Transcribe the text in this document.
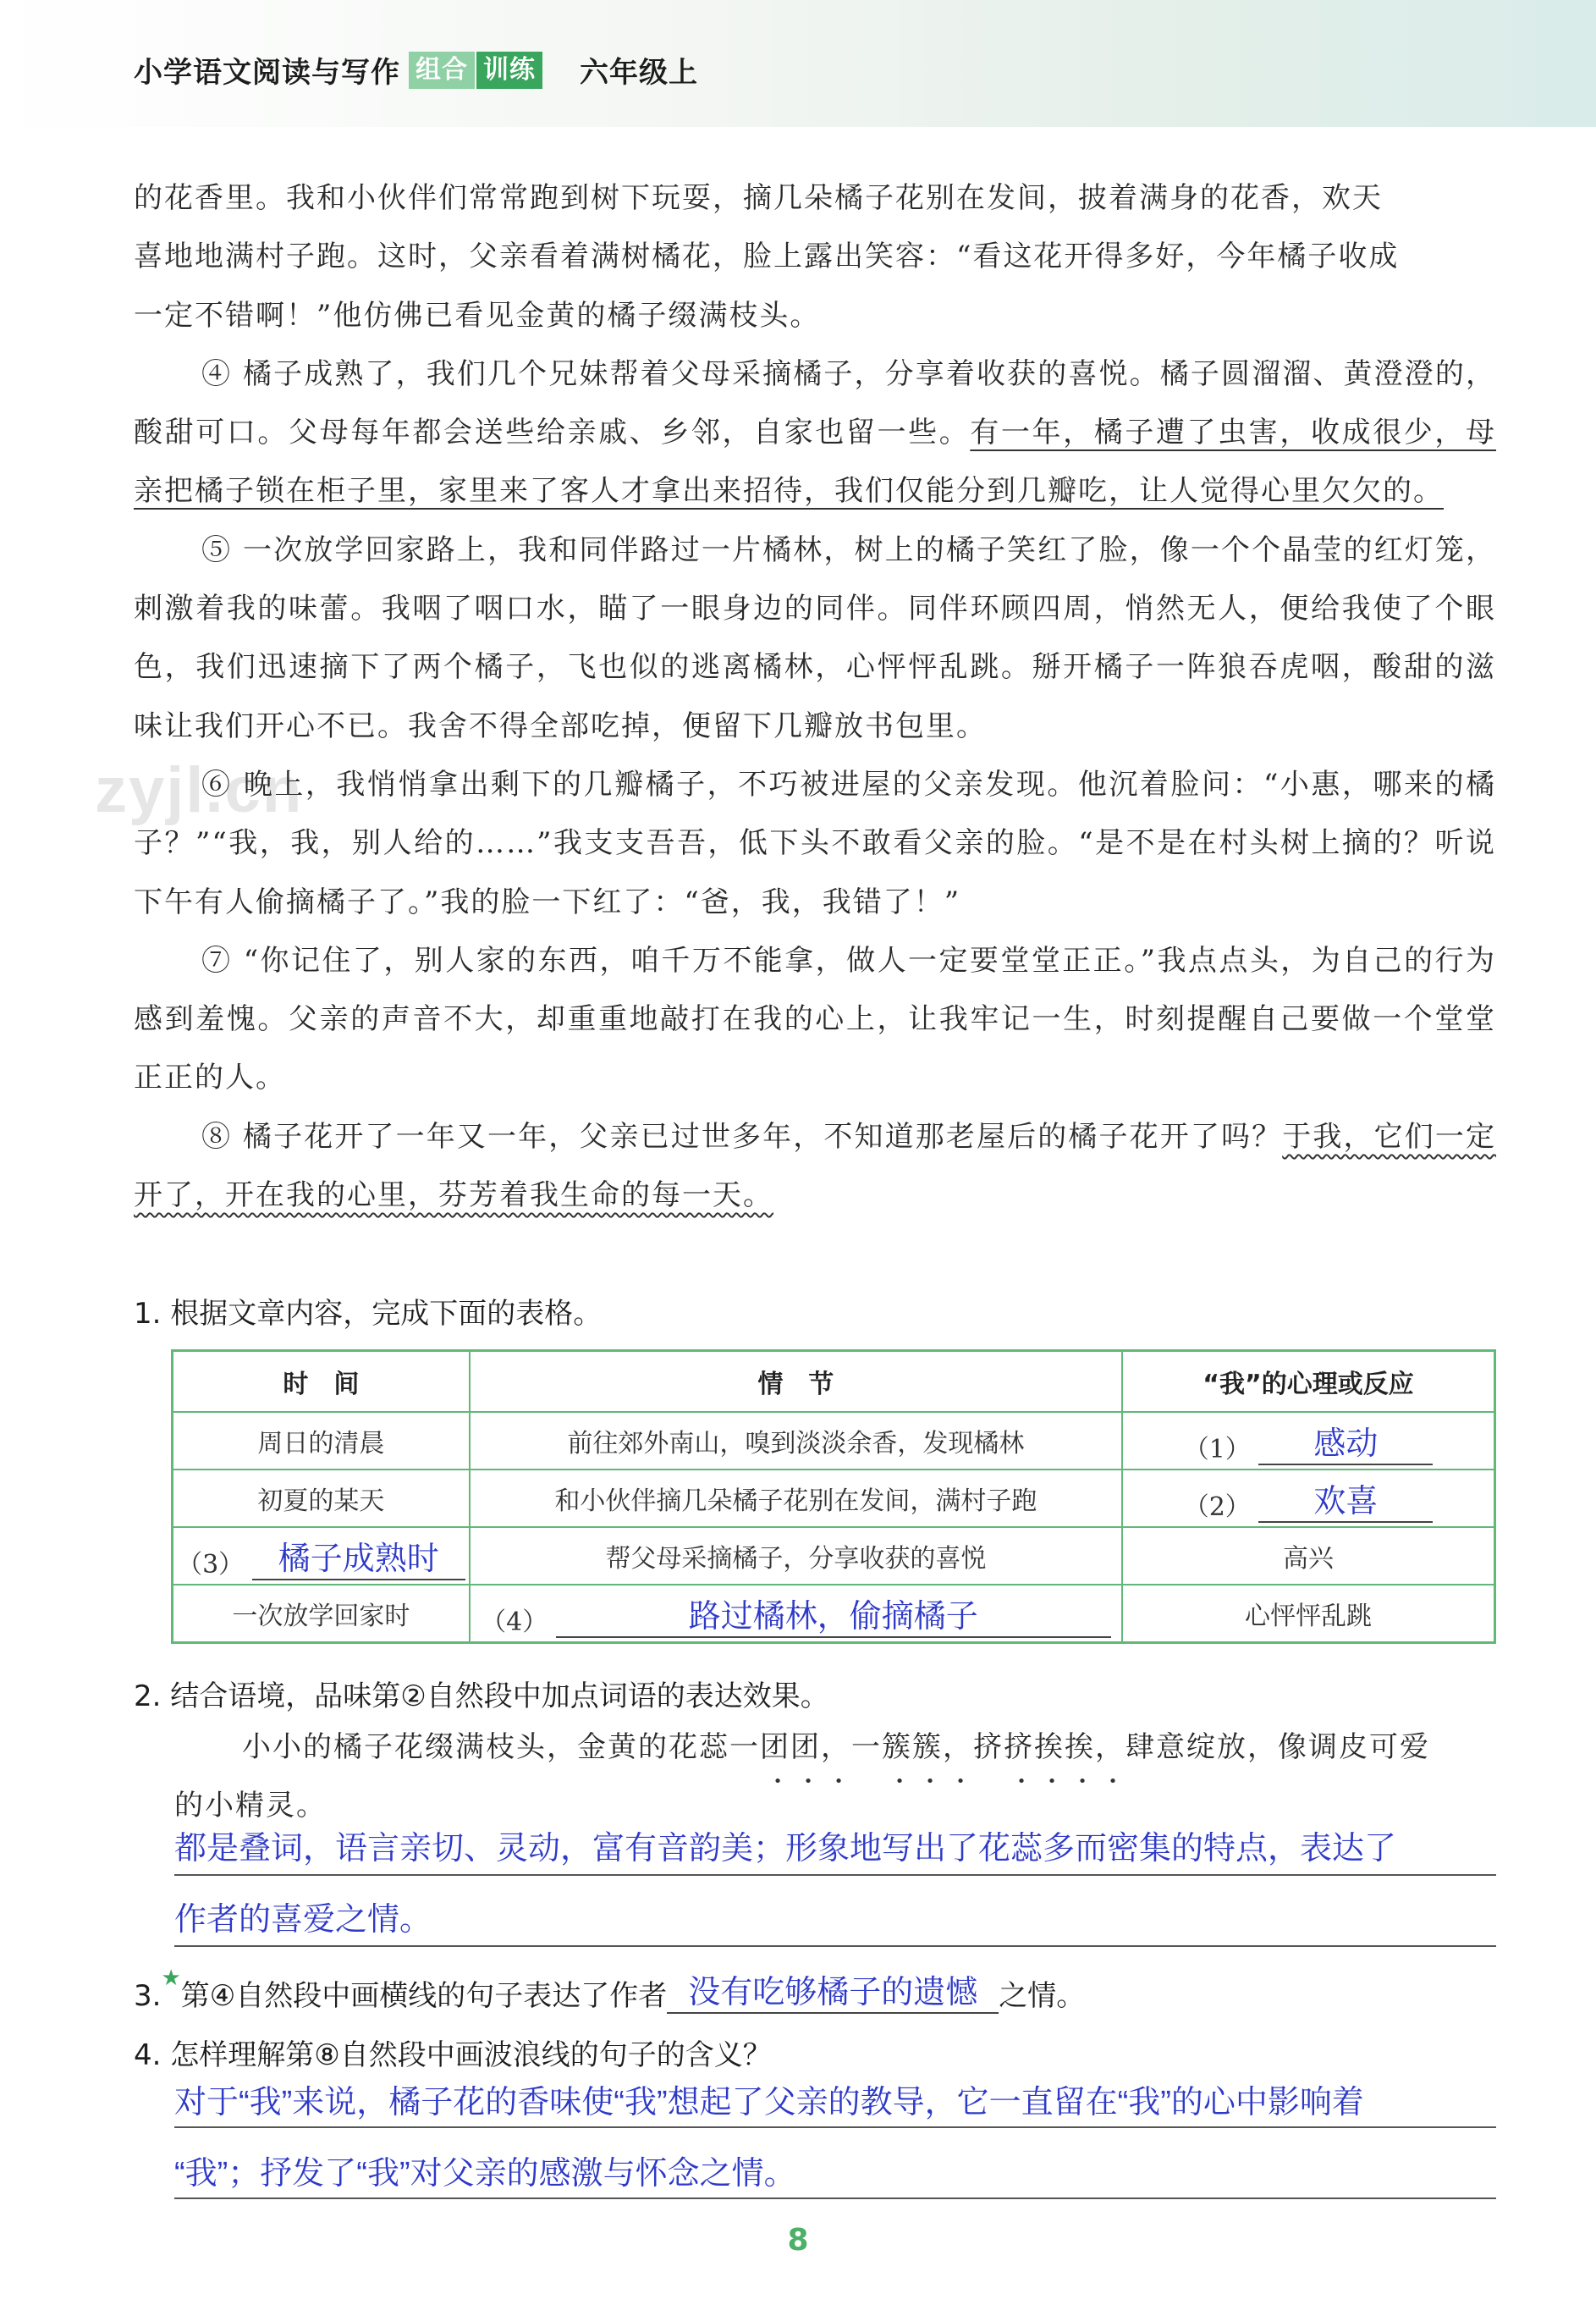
小学语文阅读与写作 组合 训练 六年级上
zyjl.cn

的花香里。我和小伙伴们常常跑到树下玩耍，摘几朵橘子花别在发间，披着满身的花香，欢天

喜地地满村子跑。这时，父亲看着满树橘花，脸上露出笑容：“看这花开得多好，今年橘子收成

一定不错啊！”他仿佛已看见金黄的橘子缀满枝头。

④ 橘子成熟了，我们几个兄妹帮着父母采摘橘子，分享着收获的喜悦。橘子圆溜溜、黄澄澄的，酸甜可口。父母每年都会送些给亲戚、乡邻，自家也留一些。有一年，橘子遭了虫害，收成很少，母亲把橘子锁在柜子里，家里来了客人才拿出来招待，我们仅能分到几瓣吃，让人觉得心里欠欠的。

⑤ 一次放学回家路上，我和同伴路过一片橘林，树上的橘子笑红了脸，像一个个晶莹的红灯笼，刺激着我的味蕾。我咽了咽口水，瞄了一眼身边的同伴。同伴环顾四周，悄然无人，便给我使了个眼色，我们迅速摘下了两个橘子，飞也似的逃离橘林，心怦怦乱跳。掰开橘子一阵狼吞虎咽，酸甜的滋味让我们开心不已。我舍不得全部吃掉，便留下几瓣放书包里。

⑥ 晚上，我悄悄拿出剩下的几瓣橘子，不巧被进屋的父亲发现。他沉着脸问：“小惠，哪来的橘子？”“我，我，别人给的……”我支支吾吾，低下头不敢看父亲的脸。“是不是在村头树上摘的？听说下午有人偷摘橘子了。”我的脸一下红了：“爸，我，我错了！”

⑦ “你记住了，别人家的东西，咱千万不能拿，做人一定要堂堂正正。”我点点头，为自己的行为感到羞愧。父亲的声音不大，却重重地敲打在我的心上，让我牢记一生，时刻提醒自己要做一个堂堂正正的人。

⑧ 橘子花开了一年又一年，父亲已过世多年，不知道那老屋后的橘子花开了吗？于我，它们一定开了，开在我的心里，芬芳着我生命的每一天。

1. 根据文章内容，完成下面的表格。
时　间	情　节	“我”的心理或反应
周日的清晨	前往郊外南山，嗅到淡淡余香，发现橘林	（1） 感动
初夏的某天	和小伙伴摘几朵橘子花别在发间，满村子跑	（2） 欢喜
（3） 橘子成熟时	帮父母采摘橘子，分享收获的喜悦	高兴
一次放学回家时	（4） 路过橘林，偷摘橘子	心怦怦乱跳
2. 结合语境，品味第②自然段中加点词语的表达效果。

小小的橘子花缀满枝头，金黄的花蕊一团团，一簇簇，挤挤挨挨，肆意绽放，像调皮可爱

的小精灵。

都是叠词，语言亲切、灵动，富有音韵美；形象地写出了花蕊多而密集的特点，表达了
作者的喜爱之情。
3.★第④自然段中画横线的句子表达了作者 没有吃够橘子的遗憾 之情。
4. 怎样理解第⑧自然段中画波浪线的句子的含义？
对于“我”来说，橘子花的香味使“我”想起了父亲的教导，它一直留在“我”的心中影响着
“我”；抒发了“我”对父亲的感激与怀念之情。
8
